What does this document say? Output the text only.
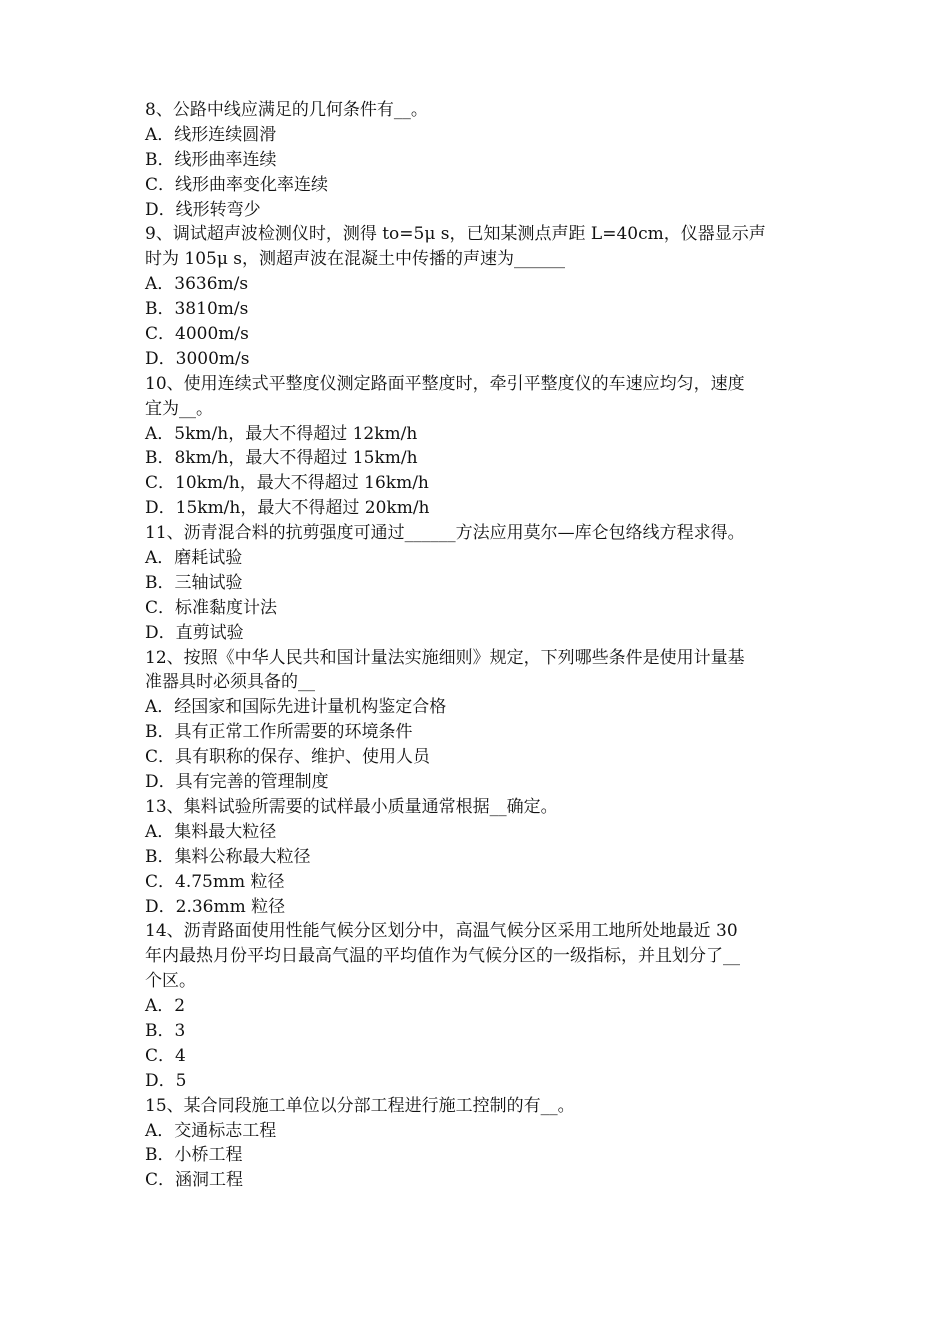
8、公路中线应满足的几何条件有__。

A．线形连续圆滑

B．线形曲率连续

C．线形曲率变化率连续

D．线形转弯少

9、调试超声波检测仪时，测得 to=5μ s，已知某测点声距 L=40cm，仪器显示声

时为 105μ s，测超声波在混凝土中传播的声速为______

A．3636m/s

B．3810m/s

C．4000m/s

D．3000m/s

10、使用连续式平整度仪测定路面平整度时，牵引平整度仪的车速应均匀，速度

宜为__。

A．5km/h，最大不得超过 12km/h

B．8km/h，最大不得超过 15km/h

C．10km/h，最大不得超过 16km/h

D．15km/h，最大不得超过 20km/h

11、沥青混合料的抗剪强度可通过______方法应用莫尔—库仑包络线方程求得。

A．磨耗试验

B．三轴试验

C．标准黏度计法

D．直剪试验

12、按照《中华人民共和国计量法实施细则》规定，下列哪些条件是使用计量基

准器具时必须具备的__

A．经国家和国际先进计量机构鉴定合格

B．具有正常工作所需要的环境条件

C．具有职称的保存、维护、使用人员

D．具有完善的管理制度

13、集料试验所需要的试样最小质量通常根据__确定。

A．集料最大粒径

B．集料公称最大粒径

C．4.75mm 粒径

D．2.36mm 粒径

14、沥青路面使用性能气候分区划分中，高温气候分区采用工地所处地最近 30

年内最热月份平均日最高气温的平均值作为气候分区的一级指标，并且划分了__

个区。

A．2

B．3

C．4

D．5

15、某合同段施工单位以分部工程进行施工控制的有__。

A．交通标志工程

B．小桥工程

C．涵洞工程
